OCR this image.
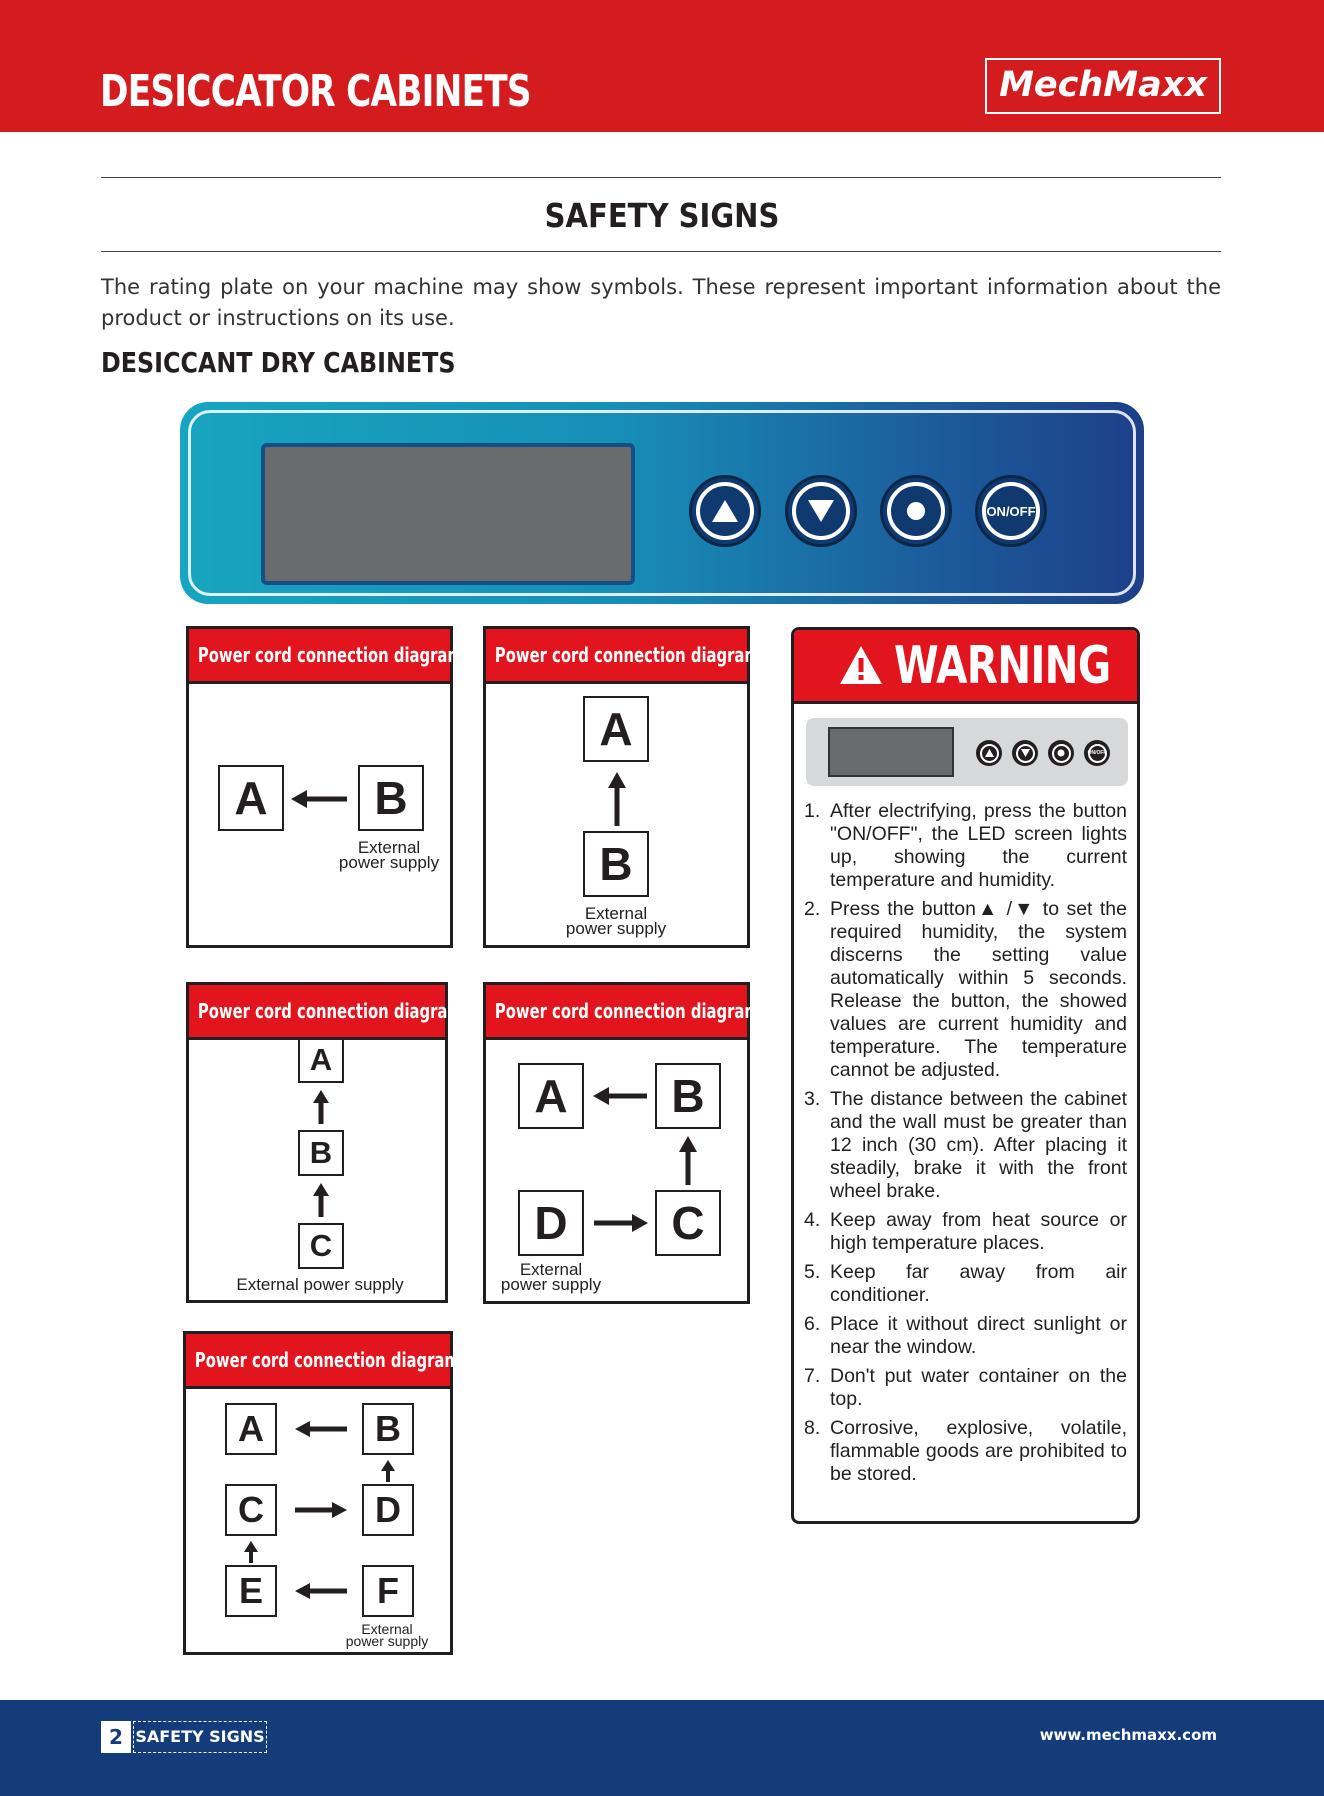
DESICCATOR CABINETS	MechMaxx
SAFETY SIGNS
The rating plate on your machine may show symbols. These represent important information about the product or instructions on its use.
DESICCANT DRY CABINETS
ON/OFF
Power cord connection diagram
A	B
External
power supply
Power cord connection diagram
A
B
External
power supply
Power cord connection diagram
A
B
C
External power supply
Power cord connection diagram
A	B
D	C
External
power supply
Power cord connection diagram
A	B
C	D
E	F
External
power supply
WARNING
ON/OFF
1. After electrifying, press the button "ON/OFF", the LED screen lights up, showing the current temperature and humidity.
2. Press the button▲ /▼ to set the required humidity, the system discerns the setting value automatically within 5 seconds. Release the button, the showed values are current humidity and temperature. The temperature cannot be adjusted.
3. The distance between the cabinet and the wall must be greater than 12 inch (30 cm). After placing it steadily, brake it with the front wheel brake.
4. Keep away from heat source or high temperature places.
5. Keep far away from air conditioner.
6. Place it without direct sunlight or near the window.
7. Don't put water container on the top.
8. Corrosive, explosive, volatile, flammable goods are prohibited to be stored.
2 SAFETY SIGNS	www.mechmaxx.com
